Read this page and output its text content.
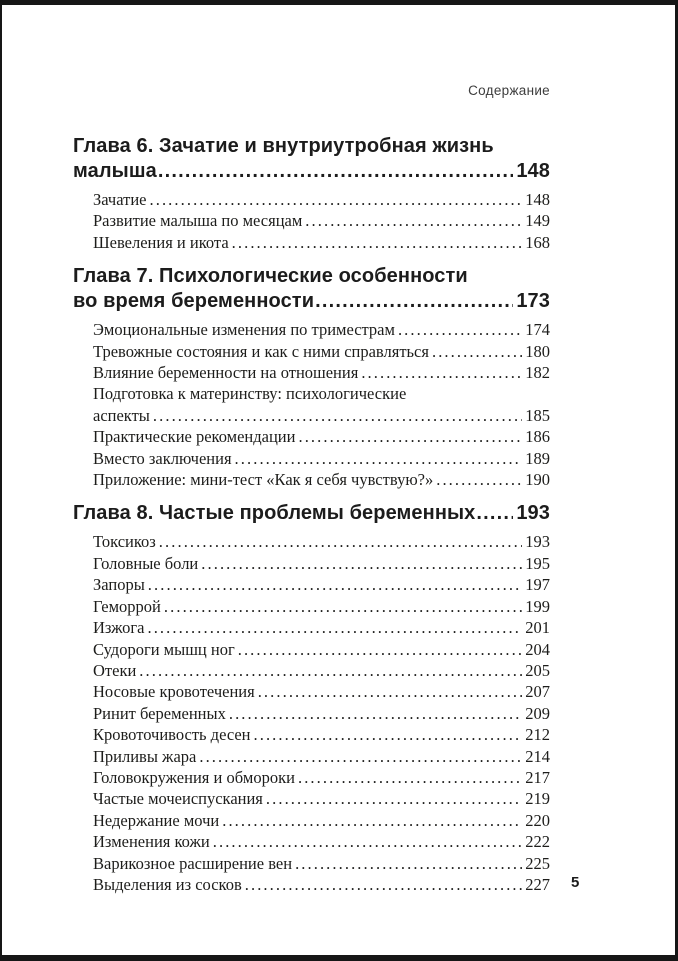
Содержание
Глава 6. Зачатие и внутриутробная жизнь
малыша .....	148
Зачатие .....	148
Развитие малыша по месяцам .....	149
Шевеления и икота .....	168
Глава 7. Психологические особенности
во время беременности .....	173
Эмоциональные изменения по триместрам .....	174
Тревожные состояния и как с ними справляться .....	180
Влияние беременности на отношения .....	182
Подготовка к материнству: психологические
аспекты .....	185
Практические рекомендации .....	186
Вместо заключения .....	189
Приложение: мини-тест «Как я себя чувствую?» .....	190
Глава 8. Частые проблемы беременных ..... 193
Токсикоз .....	193
Головные боли .....	195
Запоры .....	197
Геморрой .....	199
Изжога .....	201
Судороги мышц ног .....	204
Отеки .....	205
Носовые кровотечения .....	207
Ринит беременных .....	209
Кровоточивость десен .....	212
Приливы жара .....	214
Головокружения и обмороки .....	217
Частые мочеиспускания .....	219
Недержание мочи .....	220
Изменения кожи .....	222
Варикозное расширение вен .....	225
Выделения из сосков .....	227 5
